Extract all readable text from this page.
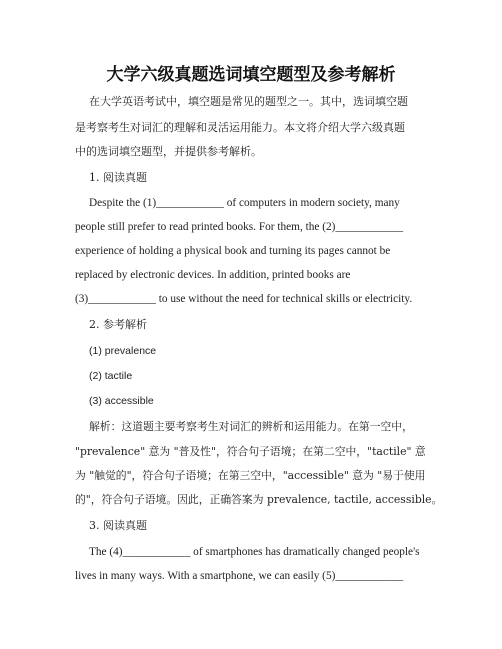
大学六级真题选词填空题型及参考解析
在大学英语考试中，填空题是常见的题型之一。其中，选词填空题
是考察考生对词汇的理解和灵活运用能力。本文将介绍大学六级真题
中的选词填空题型，并提供参考解析。
1. 阅读真题
Despite the (1)____________ of computers in modern society, many
people still prefer to read printed books. For them, the (2)____________
experience of holding a physical book and turning its pages cannot be
replaced by electronic devices. In addition, printed books are
(3)____________ to use without the need for technical skills or electricity.
2. 参考解析
(1) prevalence
(2) tactile
(3) accessible
解析：这道题主要考察考生对词汇的辨析和运用能力。在第一空中，
"prevalence" 意为 "普及性"，符合句子语境；在第二空中，"tactile" 意
为 "触觉的"，符合句子语境；在第三空中，"accessible" 意为 "易于使用
的"，符合句子语境。因此，正确答案为 prevalence, tactile, accessible。
3. 阅读真题
The (4)____________ of smartphones has dramatically changed people's
lives in many ways. With a smartphone, we can easily (5)____________
